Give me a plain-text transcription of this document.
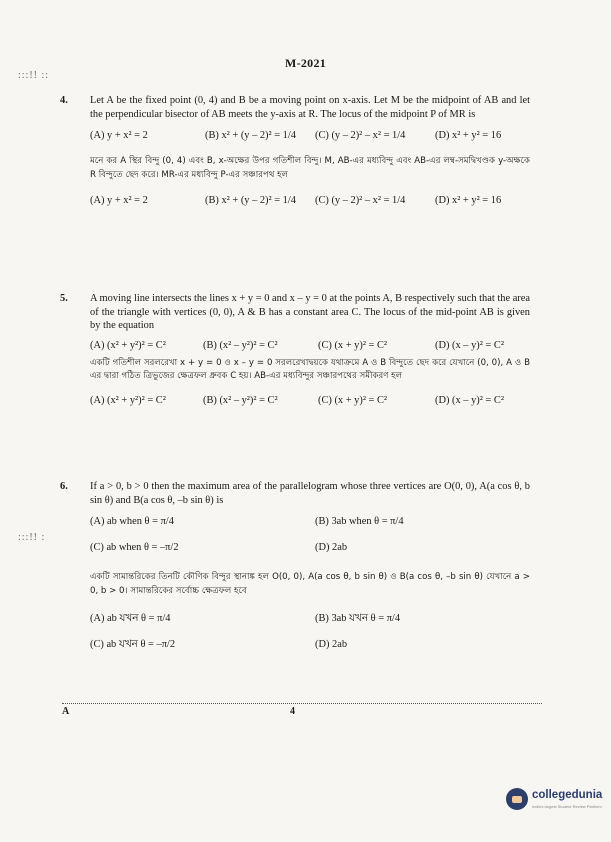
:::!! ::
:::!! :
M-2021
4. Let A be the fixed point (0, 4) and B be a moving point on x-axis. Let M be the midpoint of AB and let the perpendicular bisector of AB meets the y-axis at R. The locus of the midpoint P of MR is
(A) y + x² = 2	(B) x² + (y – 2)² = 1/4 (C) (y – 2)² – x² = 1/4	(D) x² + y² = 16
মনে কর A স্থির বিন্দু (0, 4) এবং B, x-অক্ষের উপর গতিশীল বিন্দু। M, AB-এর মধ্যবিন্দু এবং AB-এর লম্ব-সমদ্বিখণ্ডক y-অক্ষকে R বিন্দুতে ছেদ করে। MR-এর মধ্যবিন্দু P-এর সঞ্চারপথ হল
(A) y + x² = 2	(B) x² + (y – 2)² = 1/4 (C) (y – 2)² – x² = 1/4	(D) x² + y² = 16
5. A moving line intersects the lines x + y = 0 and x – y = 0 at the points A, B respectively such that the area of the triangle with vertices (0, 0), A & B has a constant area C. The locus of the mid-point AB is given by the equation
(A) (x² + y²)² = C²	(B) (x² – y²)² = C²	(C) (x + y)² = C²	(D) (x – y)² = C²
একটি গতিশীল সরলরেখা x + y = 0 ও x – y = 0 সরলরেখাদ্বয়কে যথাক্রমে A ও B বিন্দুতে ছেদ করে যেখানে (0, 0), A ও B এর দ্বারা গঠিত ত্রিভুজের ক্ষেত্রফল ধ্রুবক C হয়। AB-এর মধ্যবিন্দুর সঞ্চারপথের সমীকরণ হল
(A) (x² + y²)² = C²	(B) (x² – y²)² = C²	(C) (x + y)² = C²	(D) (x – y)² = C²
6. If a > 0, b > 0 then the maximum area of the parallelogram whose three vertices are O(0, 0), A(a cos θ, b sin θ) and B(a cos θ, –b sin θ) is
(A) ab when θ = π/4	(B) 3ab when θ = π/4
(C) ab when θ = –π/2	(D) 2ab
একটি সামান্তরিকের তিনটি কৌণিক বিন্দুর স্থানাঙ্ক হল O(0, 0), A(a cos θ, b sin θ) ও B(a cos θ, –b sin θ) যেখানে a > 0, b > 0। সামান্তরিকের সর্বোচ্চ ক্ষেত্রফল হবে
(A) ab যখন θ = π/4	(B) 3ab যখন θ = π/4
(C) ab যখন θ = –π/2	(D) 2ab
A	4
collegedunia
India's largest Student Review Platform
